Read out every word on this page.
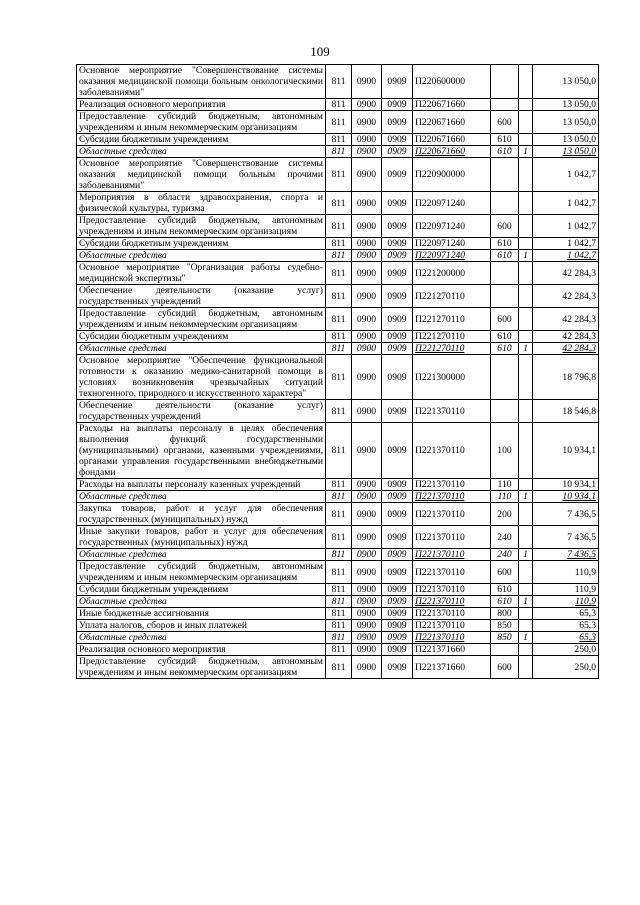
109
Основное мероприятие "Совершенствование системы оказания медицинской помощи больным онкологическими заболеваниями"	811	0900	0909	П220600000			13 050,0
Реализация основного мероприятия	811	0900	0909	П220671660			13 050,0
Предоставление субсидий бюджетным, автономным учреждениям и иным некоммерческим организациям	811	0900	0909	П220671660	600		13 050,0
Субсидии бюджетным учреждениям	811	0900	0909	П220671660	610		13 050,0
Областные средства	811	0900	0909	П220671660	610	1	13 050,0
Основное мероприятие "Совершенствование системы оказания медицинской помощи больным прочими заболеваниями"	811	0900	0909	П220900000			1 042,7
Мероприятия в области здравоохранения, спорта и физической культуры, туризма	811	0900	0909	П220971240			1 042,7
Предоставление субсидий бюджетным, автономным учреждениям и иным некоммерческим организациям	811	0900	0909	П220971240	600		1 042,7
Субсидии бюджетным учреждениям	811	0900	0909	П220971240	610		1 042,7
Областные средства	811	0900	0909	П220971240	610	1	1 042,7
Основное мероприятие "Организация работы судебно-медицинской экспертизы"	811	0900	0909	П221200000			42 284,3
Обеспечение деятельности (оказание услуг) государственных учреждений	811	0900	0909	П221270110			42 284,3
Предоставление субсидий бюджетным, автономным учреждениям и иным некоммерческим организациям	811	0900	0909	П221270110	600		42 284,3
Субсидии бюджетным учреждениям	811	0900	0909	П221270110	610		42 284,3
Областные средства	811	0900	0909	П221270110	610	1	42 284,3
Основное мероприятие "Обеспечение функциональной готовности к оказанию медико-санитарной помощи в условиях возникновения чрезвычайных ситуаций техногенного, природного и искусственного характера"	811	0900	0909	П221300000			18 796,8
Обеспечение деятельности (оказание услуг) государственных учреждений	811	0900	0909	П221370110			18 546,8
Расходы на выплаты персоналу в целях обеспечения выполнения функций государственными (муниципальными) органами, казенными учреждениями, органами управления государственными внебюджетными фондами	811	0900	0909	П221370110	100		10 934,1
Расходы на выплаты персоналу казенных учреждений	811	0900	0909	П221370110	110		10 934,1
Областные средства	811	0900	0909	П221370110	110	1	10 934,1
Закупка товаров, работ и услуг для обеспечения государственных (муниципальных) нужд	811	0900	0909	П221370110	200		7 436,5
Иные закупки товаров, работ и услуг для обеспечения государственных (муниципальных) нужд	811	0900	0909	П221370110	240		7 436,5
Областные средства	811	0900	0909	П221370110	240	1	7 436,5
Предоставление субсидий бюджетным, автономным учреждениям и иным некоммерческим организациям	811	0900	0909	П221370110	600		110,9
Субсидии бюджетным учреждениям	811	0900	0909	П221370110	610		110,9
Областные средства	811	0900	0909	П221370110	610	1	110,9
Иные бюджетные ассигнования	811	0900	0909	П221370110	800		65,3
Уплата налогов, сборов и иных платежей	811	0900	0909	П221370110	850		65,3
Областные средства	811	0900	0909	П221370110	850	1	65,3
Реализация основного мероприятия	811	0900	0909	П221371660			250,0
Предоставление субсидий бюджетным, автономным учреждениям и иным некоммерческим организациям	811	0900	0909	П221371660	600		250,0
